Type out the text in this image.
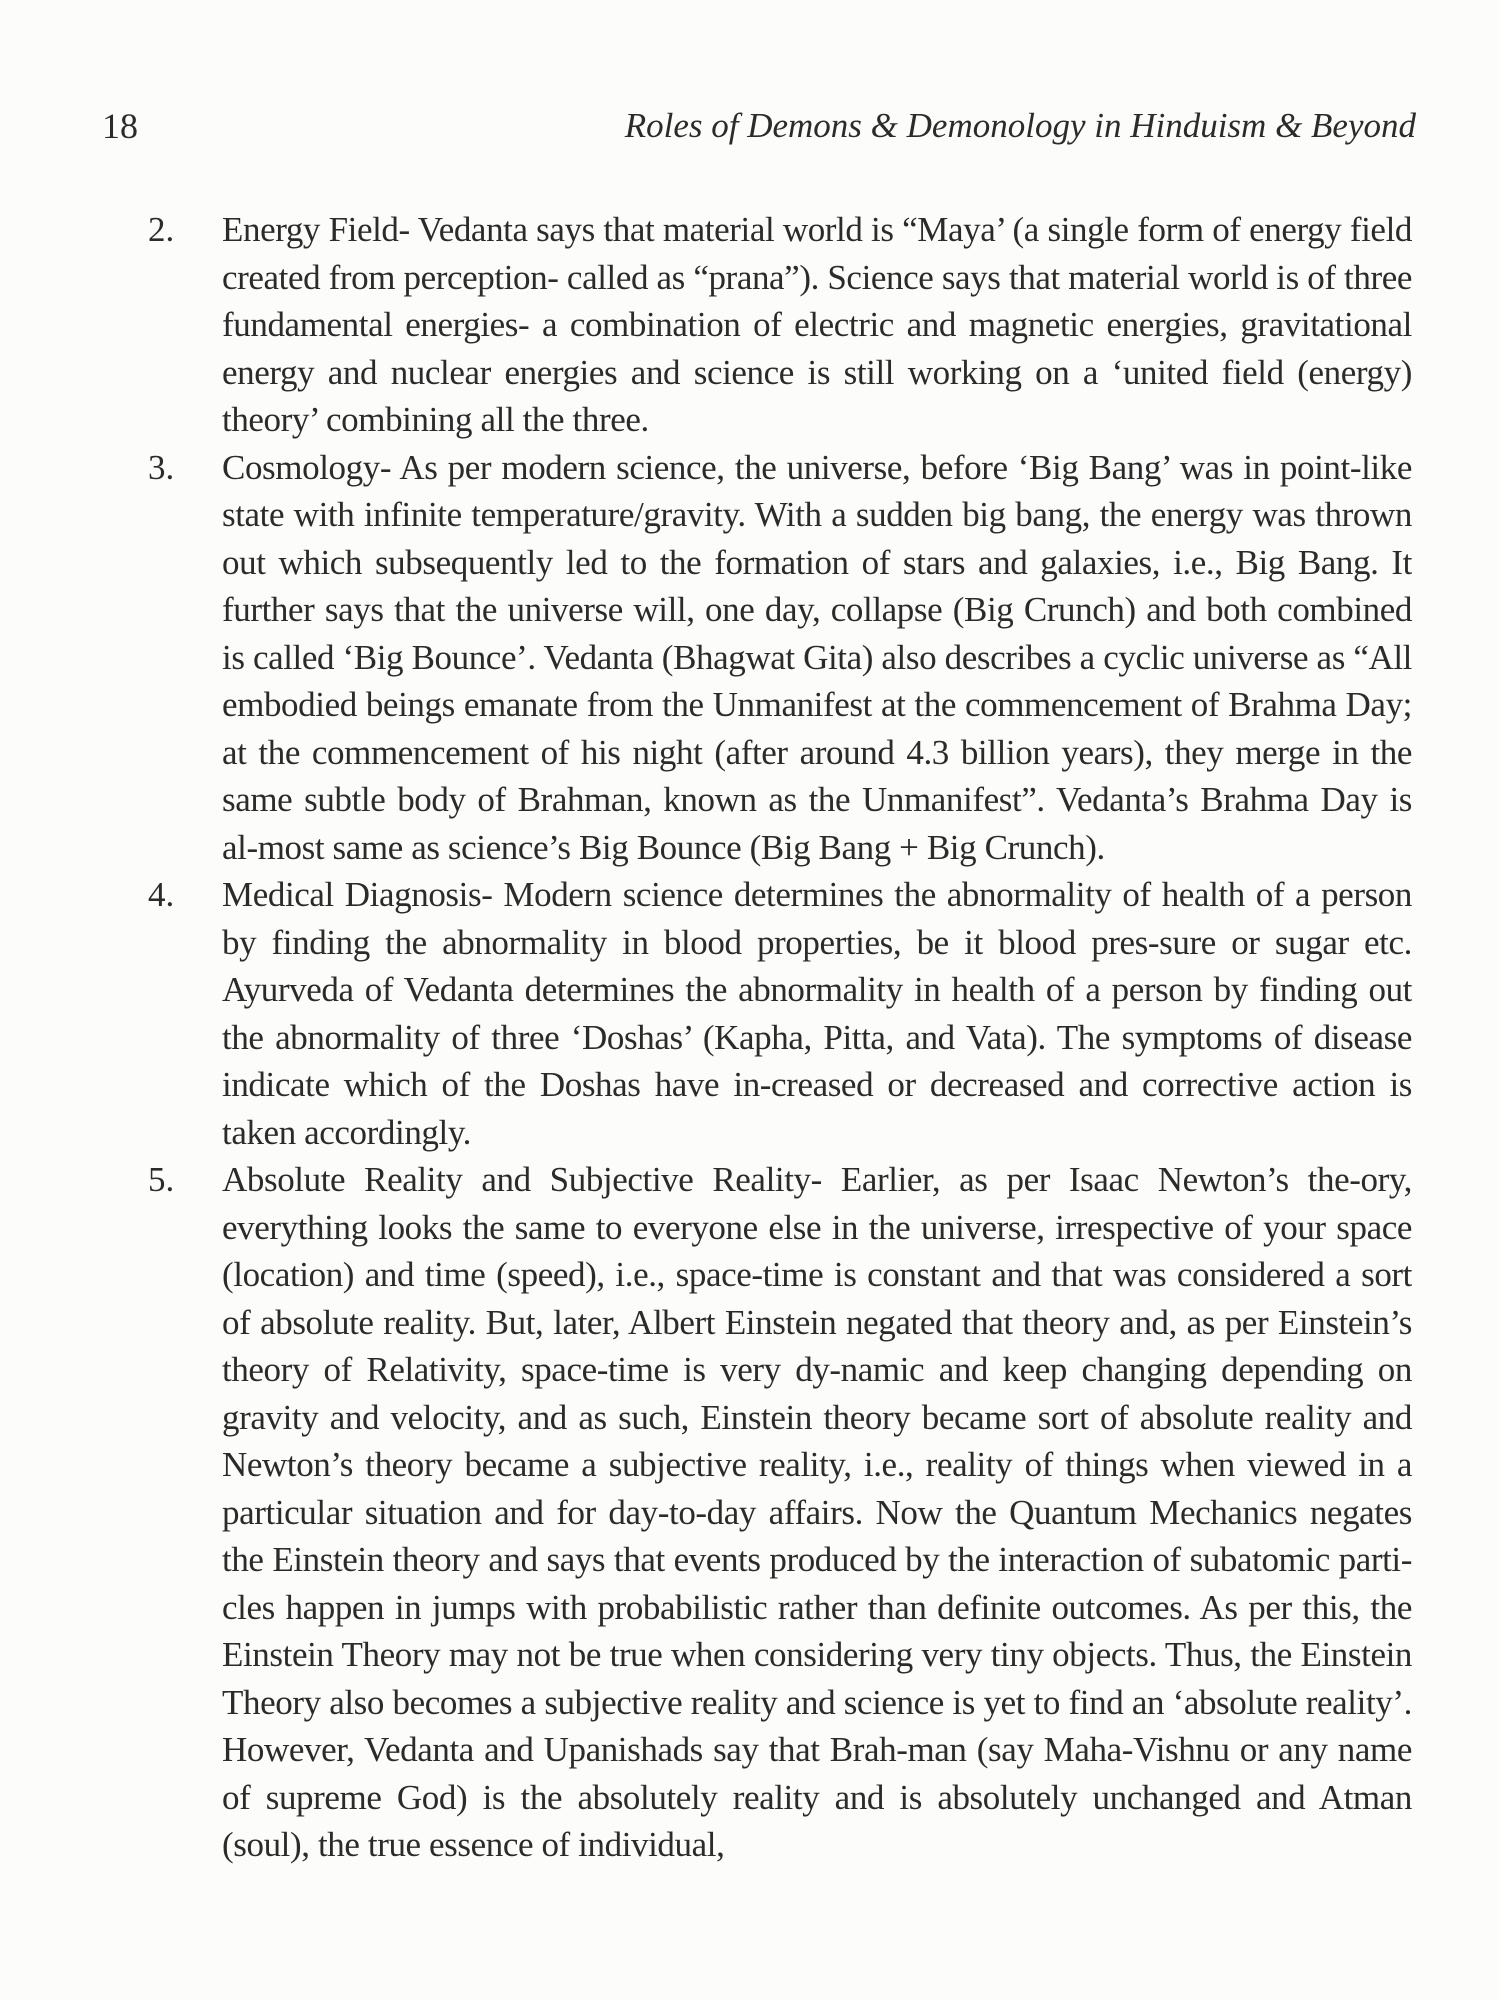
18	Roles of Demons & Demonology in Hinduism & Beyond
2. Energy Field- Vedanta says that material world is “Maya’ (a single form of energy field created from perception- called as “prana”). Science says that material world is of three fundamental energies- a combination of electric and magnetic energies, gravitational energy and nuclear energies and science is still working on a ‘united field (energy) theory’ combining all the three.
3. Cosmology- As per modern science, the universe, before ‘Big Bang’ was in point-like state with infinite temperature/gravity. With a sudden big bang, the energy was thrown out which subsequently led to the formation of stars and galaxies, i.e., Big Bang. It further says that the universe will, one day, collapse (Big Crunch) and both combined is called ‘Big Bounce’. Vedanta (Bhagwat Gita) also describes a cyclic universe as “All embodied beings emanate from the Unmanifest at the commencement of Brahma Day; at the commencement of his night (after around 4.3 billion years), they merge in the same subtle body of Brahman, known as the Unmanifest”. Vedanta’s Brahma Day is al-most same as science’s Big Bounce (Big Bang + Big Crunch).
4. Medical Diagnosis- Modern science determines the abnormality of health of a person by finding the abnormality in blood properties, be it blood pres-sure or sugar etc. Ayurveda of Vedanta determines the abnormality in health of a person by finding out the abnormality of three ‘Doshas’ (Kapha, Pitta, and Vata). The symptoms of disease indicate which of the Doshas have in-creased or decreased and corrective action is taken accordingly.
5. Absolute Reality and Subjective Reality- Earlier, as per Isaac Newton’s the-ory, everything looks the same to everyone else in the universe, irrespective of your space (location) and time (speed), i.e., space-time is constant and that was considered a sort of absolute reality. But, later, Albert Einstein negated that theory and, as per Einstein’s theory of Relativity, space-time is very dy-namic and keep changing depending on gravity and velocity, and as such, Einstein theory became sort of absolute reality and Newton’s theory became a subjective reality, i.e., reality of things when viewed in a particular situation and for day-to-day affairs. Now the Quantum Mechanics negates the Einstein theory and says that events produced by the interaction of subatomic parti-cles happen in jumps with probabilistic rather than definite outcomes. As per this, the Einstein Theory may not be true when considering very tiny objects. Thus, the Einstein Theory also becomes a subjective reality and science is yet to find an ‘absolute reality’. However, Vedanta and Upanishads say that Brah-man (say Maha-Vishnu or any name of supreme God) is the absolutely reality and is absolutely unchanged and Atman (soul), the true essence of individual,
